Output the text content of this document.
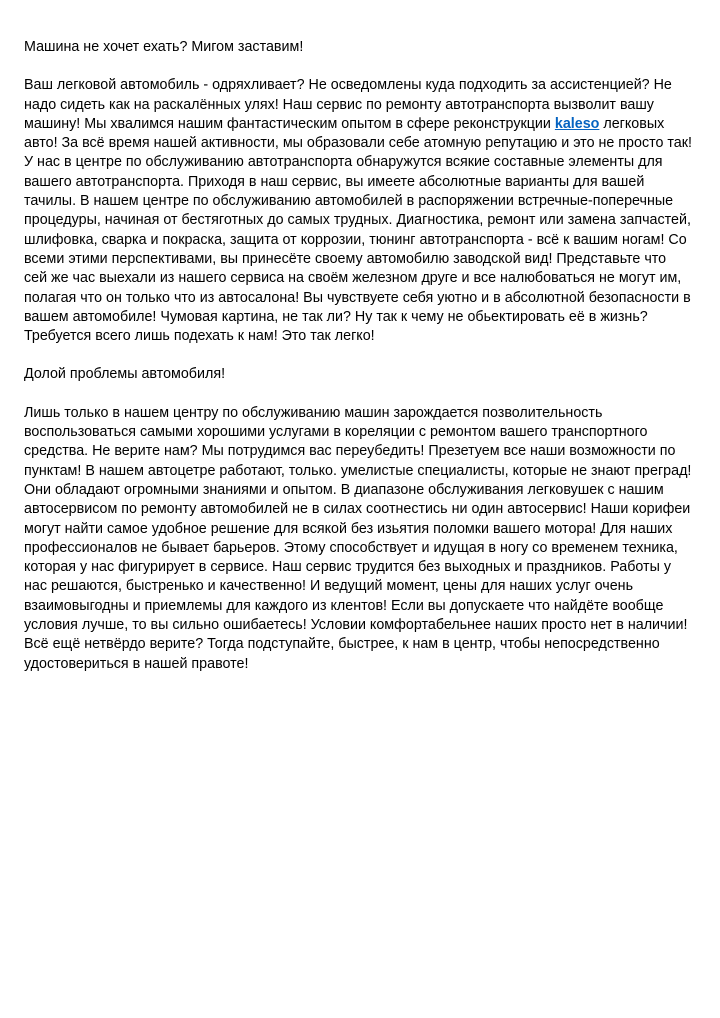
Машина не хочет ехать? Мигом заставим!

Ваш легковой автомобиль - одряхливает? Не осведомлены куда подходить за ассистенцией? Не надо сидеть как на раскалённых улях! Наш сервис по ремонту автотранспорта вызволит вашу машину! Мы хвалимся нашим фантастическим опытом в сфере реконструкции kaleso легковых авто! За всё время нашей активности, мы образовали себе атомную репутацию и это не просто так! У нас в центре по обслуживанию автотранспорта обнаружутся всякие составные элементы для вашего автотранспорта. Приходя в наш сервис, вы имеете абсолютные варианты для вашей тачилы. В нашем центре по обслуживанию автомобилей в распоряжении встречные-поперечные процедуры, начиная от бестяготных до самых трудных. Диагностика, ремонт или замена запчастей, шлифовка, сварка и покраска, защита от коррозии, тюнинг автотранспорта - всё к вашим ногам! Со всеми этими перспективами, вы принесёте своему автомобилю заводской вид! Представьте что сей же час выехали из нашего сервиса на своём железном друге и все налюбоваться не могут им, полагая что он только что из автосалона! Вы чувствуете себя уютно и в абсолютной безопасности в вашем автомобиле! Чумовая картина, не так ли? Ну так к чему не обьектировать её в жизнь? Требуется всего лишь подехать к нам! Это так легко!

Долой проблемы автомобиля!

Лишь только в нашем центру по обслуживанию машин зарождается позволительность воспользоваться самыми хорошими услугами в кореляции с ремонтом вашего транспортного средства. Не верите нам? Мы потрудимся вас переубедить! Презетуем все наши возможности по пунктам! В нашем автоцетре работают, только. умелистые специалисты, которые не знают преград! Они обладают огромными знаниями и опытом. В диапазоне обслуживания легковушек с нашим автосервисом по ремонту автомобилей не в силах соотнестись ни один автосервис! Наши корифеи могут найти самое удобное решение для всякой без изьятия поломки вашего мотора! Для наших профессионалов не бывает барьеров. Этому способствует и идущая в ногу со временем техника, которая у нас фигурирует в сервисе. Наш сервис трудится без выходных и праздников. Работы у нас решаются, быстренько и качественно! И ведущий момент, цены для наших услуг очень взаимовыгодны и приемлемы для каждого из клентов! Если вы допускаете что найдёте вообще условия лучше, то вы сильно ошибаетесь! Условии комфортабельнее наших просто нет в наличии! Всё ещё нетвёрдо верите? Тогда подступайте, быстрее, к нам в центр, чтобы непосредственно удостовериться в нашей правоте!
